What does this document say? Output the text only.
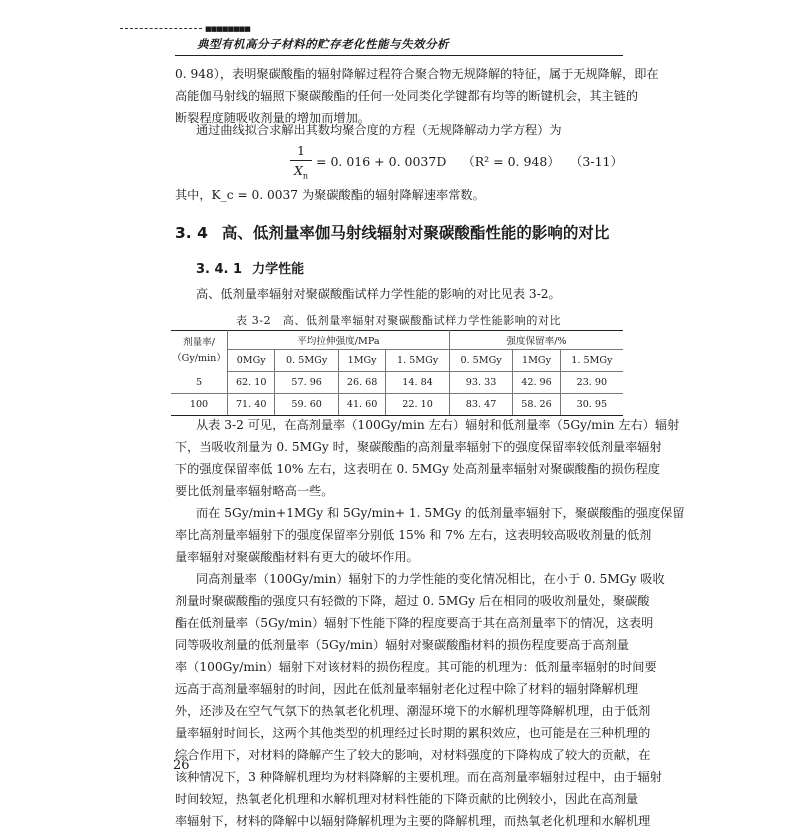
■■■■■■■■
典型有机高分子材料的贮存老化性能与失效分析
0. 948），表明聚碳酸酯的辐射降解过程符合聚合物无规降解的特征，属于无规降解，即在
高能伽马射线的辐照下聚碳酸酯的任何一处同类化学键都有均等的断键机会，其主链的
断裂程度随吸收剂量的增加而增加。
通过曲线拟合求解出其数均聚合度的方程（无规降解动力学方程）为
1
$X_n$
= 0. 016 + 0. 0037D （R² = 0. 948） （3-11）
其中，K_c = 0. 0037 为聚碳酸酯的辐射降解速率常数。
3. 4 高、低剂量率伽马射线辐射对聚碳酸酯性能的影响的对比
3. 4. 1 力学性能
高、低剂量率辐射对聚碳酸酯试样力学性能的影响的对比见表 3-2。
表 3-2　高、低剂量率辐射对聚碳酸酯试样力学性能影响的对比
剂量率/
（Gy/min）	平均拉伸强度/MPa				强度保留率/%		
	0MGy	0. 5MGy	1MGy	1. 5MGy	0. 5MGy	1MGy	1. 5MGy
5	62. 10	57. 96	26. 68	14. 84	93. 33	42. 96	23. 90
100	71. 40	59. 60	41. 60	22. 10	83. 47	58. 26	30. 95
从表 3-2 可见，在高剂量率（100Gy/min 左右）辐射和低剂量率（5Gy/min 左右）辐射
下，当吸收剂量为 0. 5MGy 时，聚碳酸酯的高剂量率辐射下的强度保留率较低剂量率辐射
下的强度保留率低 10% 左右，这表明在 0. 5MGy 处高剂量率辐射对聚碳酸酯的损伤程度
要比低剂量率辐射略高一些。
而在 5Gy/min+1MGy 和 5Gy/min+ 1. 5MGy 的低剂量率辐射下，聚碳酸酯的强度保留
率比高剂量率辐射下的强度保留率分别低 15% 和 7% 左右，这表明较高吸收剂量的低剂
量率辐射对聚碳酸酯材料有更大的破坏作用。
同高剂量率（100Gy/min）辐射下的力学性能的变化情况相比，在小于 0. 5MGy 吸收
剂量时聚碳酸酯的强度只有轻微的下降，超过 0. 5MGy 后在相同的吸收剂量处，聚碳酸
酯在低剂量率（5Gy/min）辐射下性能下降的程度要高于其在高剂量率下的情况，这表明
同等吸收剂量的低剂量率（5Gy/min）辐射对聚碳酸酯材料的损伤程度要高于高剂量
率（100Gy/min）辐射下对该材料的损伤程度。其可能的机理为：低剂量率辐射的时间要
远高于高剂量率辐射的时间，因此在低剂量率辐射老化过程中除了材料的辐射降解机理
外，还涉及在空气气氛下的热氧老化机理、潮湿环境下的水解机理等降解机理，由于低剂
量率辐射时间长，这两个其他类型的机理经过长时期的累积效应，也可能是在三种机理的
综合作用下，对材料的降解产生了较大的影响，对材料强度的下降构成了较大的贡献，在
该种情况下，3 种降解机理均为材料降解的主要机理。而在高剂量率辐射过程中，由于辐射
时间较短，热氧老化机理和水解机理对材料性能的下降贡献的比例较小，因此在高剂量
率辐射下，材料的降解中以辐射降解机理为主要的降解机理，而热氧老化机理和水解机理
26
